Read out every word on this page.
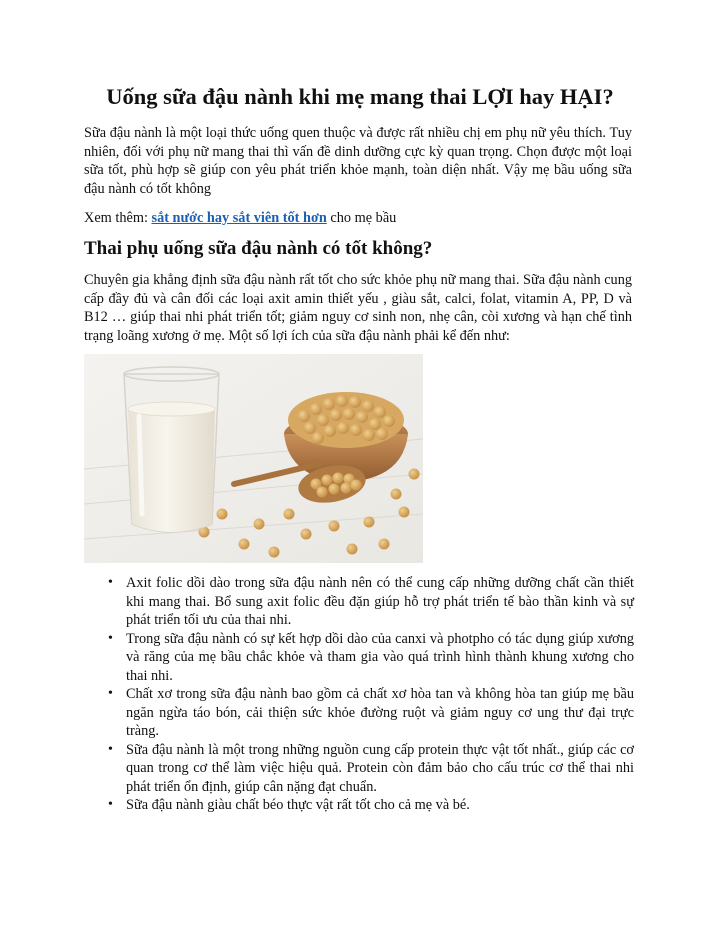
Uống sữa đậu nành khi mẹ mang thai LỢI hay HẠI?

Sữa đậu nành là một loại thức uống quen thuộc và được rất nhiều chị em phụ nữ yêu thích. Tuy nhiên, đối với phụ nữ mang thai thì vấn đề dinh dưỡng cực kỳ quan trọng. Chọn được một loại sữa tốt, phù hợp sẽ giúp con yêu phát triển khỏe mạnh, toàn diện nhất. Vậy mẹ bầu uống sữa đậu nành có tốt không

Xem thêm: sắt nước hay sắt viên tốt hơn cho mẹ bầu

Thai phụ uống sữa đậu nành có tốt không?

Chuyên gia khẳng định sữa đậu nành rất tốt cho sức khỏe phụ nữ mang thai. Sữa đậu nành cung cấp đầy đủ và cân đối các loại axit amin thiết yếu , giàu sắt, calci, folat, vitamin A, PP, D và B12 … giúp thai nhi phát triển tốt; giảm nguy cơ sinh non, nhẹ cân, còi xương và hạn chế tình trạng loãng xương ở mẹ. Một số lợi ích của sữa đậu nành phải kể đến như:

• Axit folic dồi dào trong sữa đậu nành nên có thể cung cấp những dưỡng chất cần thiết khi mang thai. Bổ sung axit folic đều đặn giúp hỗ trợ phát triển tế bào thần kinh và sự phát triển tối ưu của thai nhi.
• Trong sữa đậu nành có sự kết hợp dồi dào của canxi và photpho có tác dụng giúp xương và răng của mẹ bầu chắc khỏe và tham gia vào quá trình hình thành khung xương cho thai nhi.
• Chất xơ trong sữa đậu nành bao gồm cả chất xơ hòa tan và không hòa tan giúp mẹ bầu ngăn ngừa táo bón, cải thiện sức khỏe đường ruột và giảm nguy cơ ung thư đại trực tràng.
• Sữa đậu nành là một trong những nguồn cung cấp protein thực vật tốt nhất., giúp các cơ quan trong cơ thể làm việc hiệu quả. Protein còn đảm bảo cho cấu trúc cơ thể thai nhi phát triển ổn định, giúp cân nặng đạt chuẩn.
• Sữa đậu nành giàu chất béo thực vật rất tốt cho cả mẹ và bé.
